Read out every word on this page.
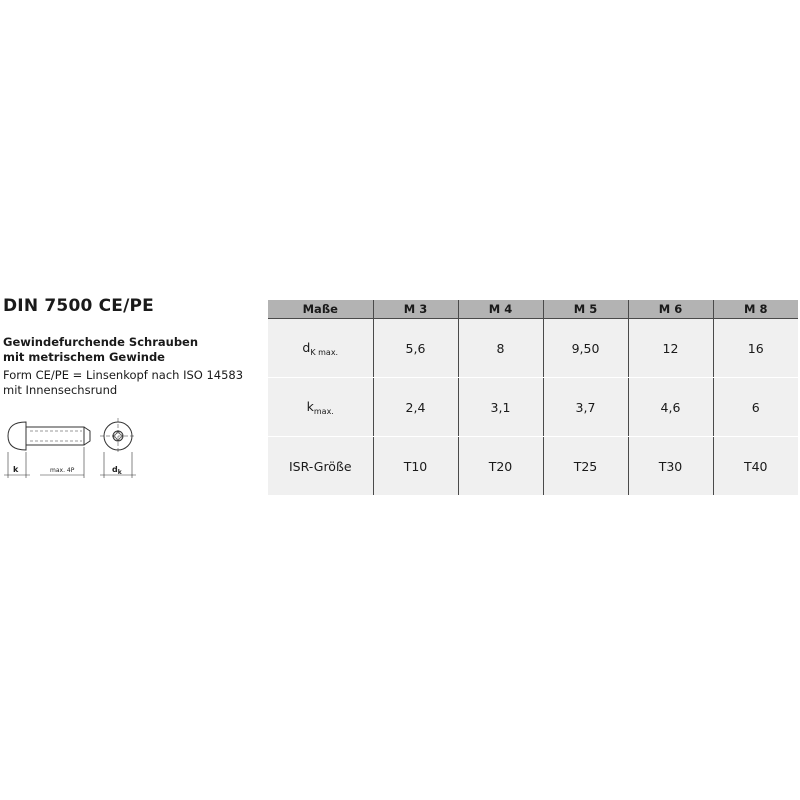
DIN 7500 CE/PE
Gewindefurchende Schrauben
mit metrischem Gewinde
Form CE/PE = Linsenkopf nach ISO 14583
mit Innensechsrund
k	max. 4P	$d_k$
Maße	M 3	M 4	M 5	M 6	M 8
$d_{K max.}$	5,6	8	9,50	12	16
$k_{max.}$	2,4	3,1	3,7	4,6	6
ISR-Größe	T10	T20	T25	T30	T40
